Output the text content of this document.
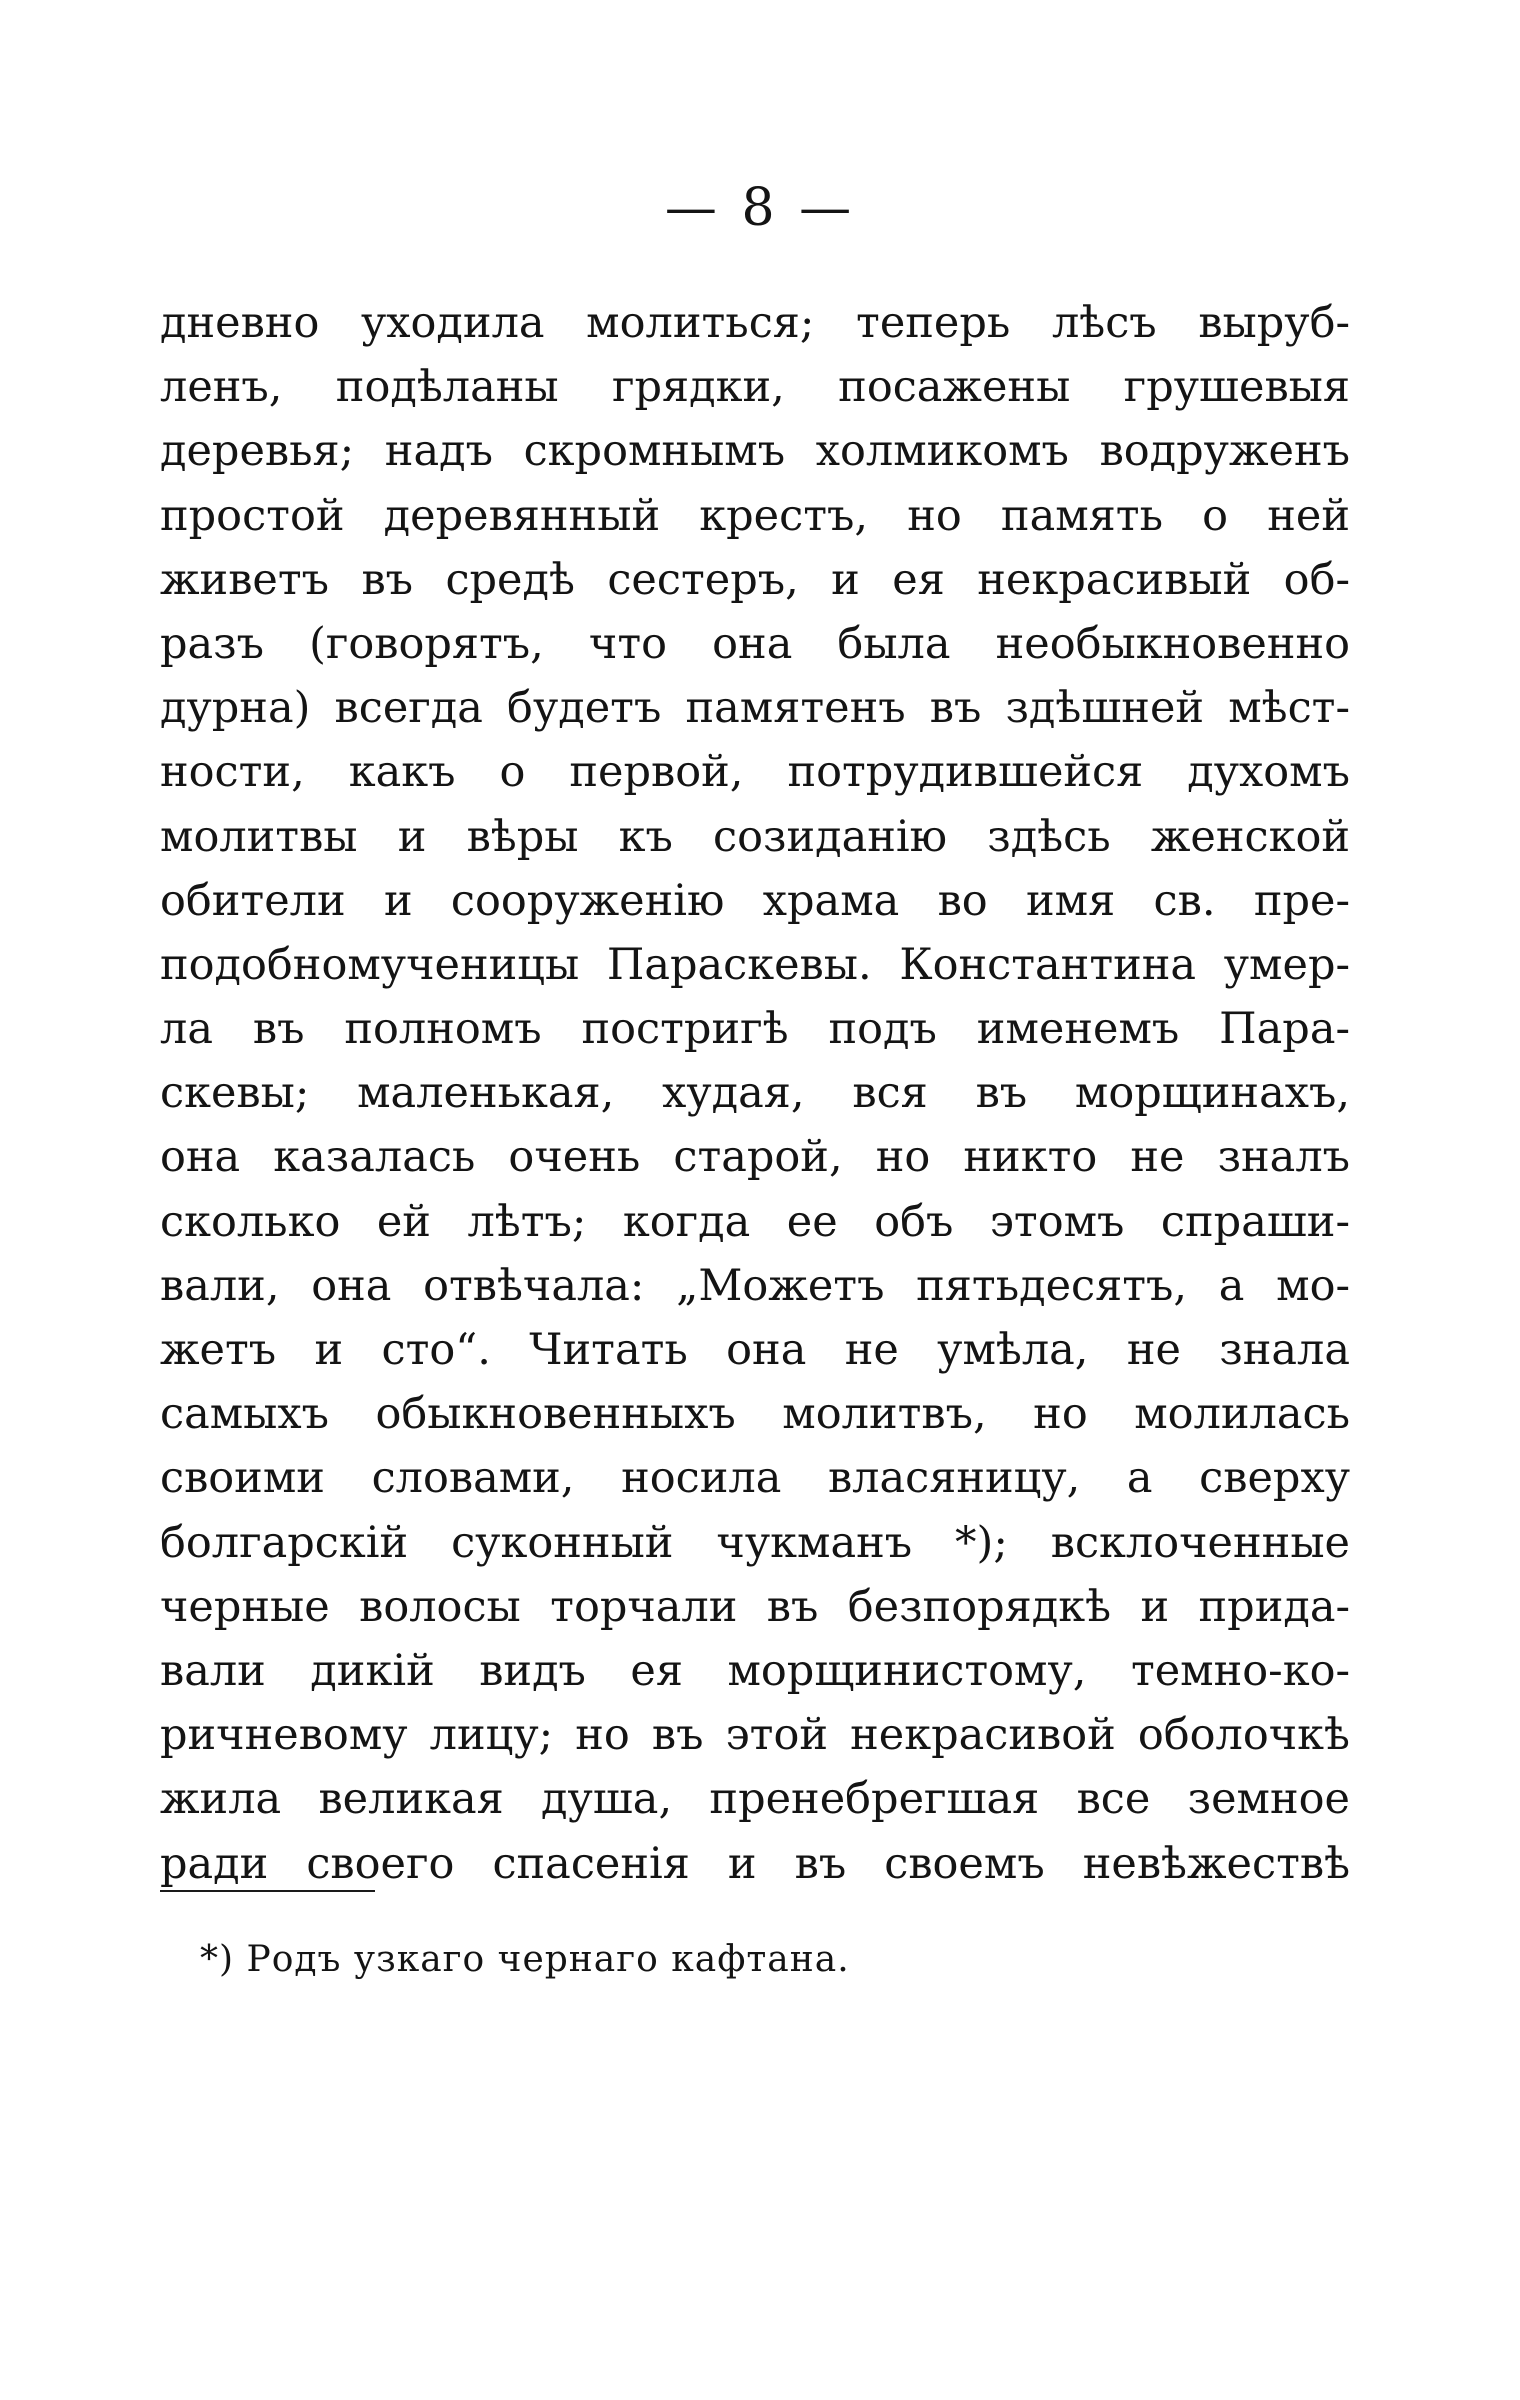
— 8 —
дневно уходила молиться; теперь лѣсъ выруб-
ленъ, подѣланы грядки, посажены грушевыя
деревья; надъ скромнымъ холмикомъ водруженъ
простой деревянный крестъ, но память о ней
живетъ въ средѣ сестеръ, и ея некрасивый об-
разъ (говорятъ, что она была необыкновенно
дурна) всегда будетъ памятенъ въ здѣшней мѣст-
ности, какъ о первой, потрудившейся духомъ
молитвы и вѣры къ созиданію здѣсь женской
обители и сооруженію храма во имя св. пре-
подобномученицы Параскевы. Константина умер-
ла въ полномъ постригѣ подъ именемъ Пара-
скевы; маленькая, худая, вся въ морщинахъ,
она казалась очень старой, но никто не зналъ
сколько ей лѣтъ; когда ее объ этомъ спраши-
вали, она отвѣчала: „Можетъ пятьдесятъ, а мо-
жетъ и сто“. Читать она не умѣла, не знала
самыхъ обыкновенныхъ молитвъ, но молилась
своими словами, носила власяницу, а сверху
болгарскій суконный чукманъ *); всклоченные
черные волосы торчали въ безпорядкѣ и прида-
вали дикій видъ ея морщинистому, темно-ко-
ричневому лицу; но въ этой некрасивой оболочкѣ
жила великая душа, пренебрегшая все земное
ради своего спасенія и въ своемъ невѣжествѣ
*) Родъ узкаго чернаго кафтана.
